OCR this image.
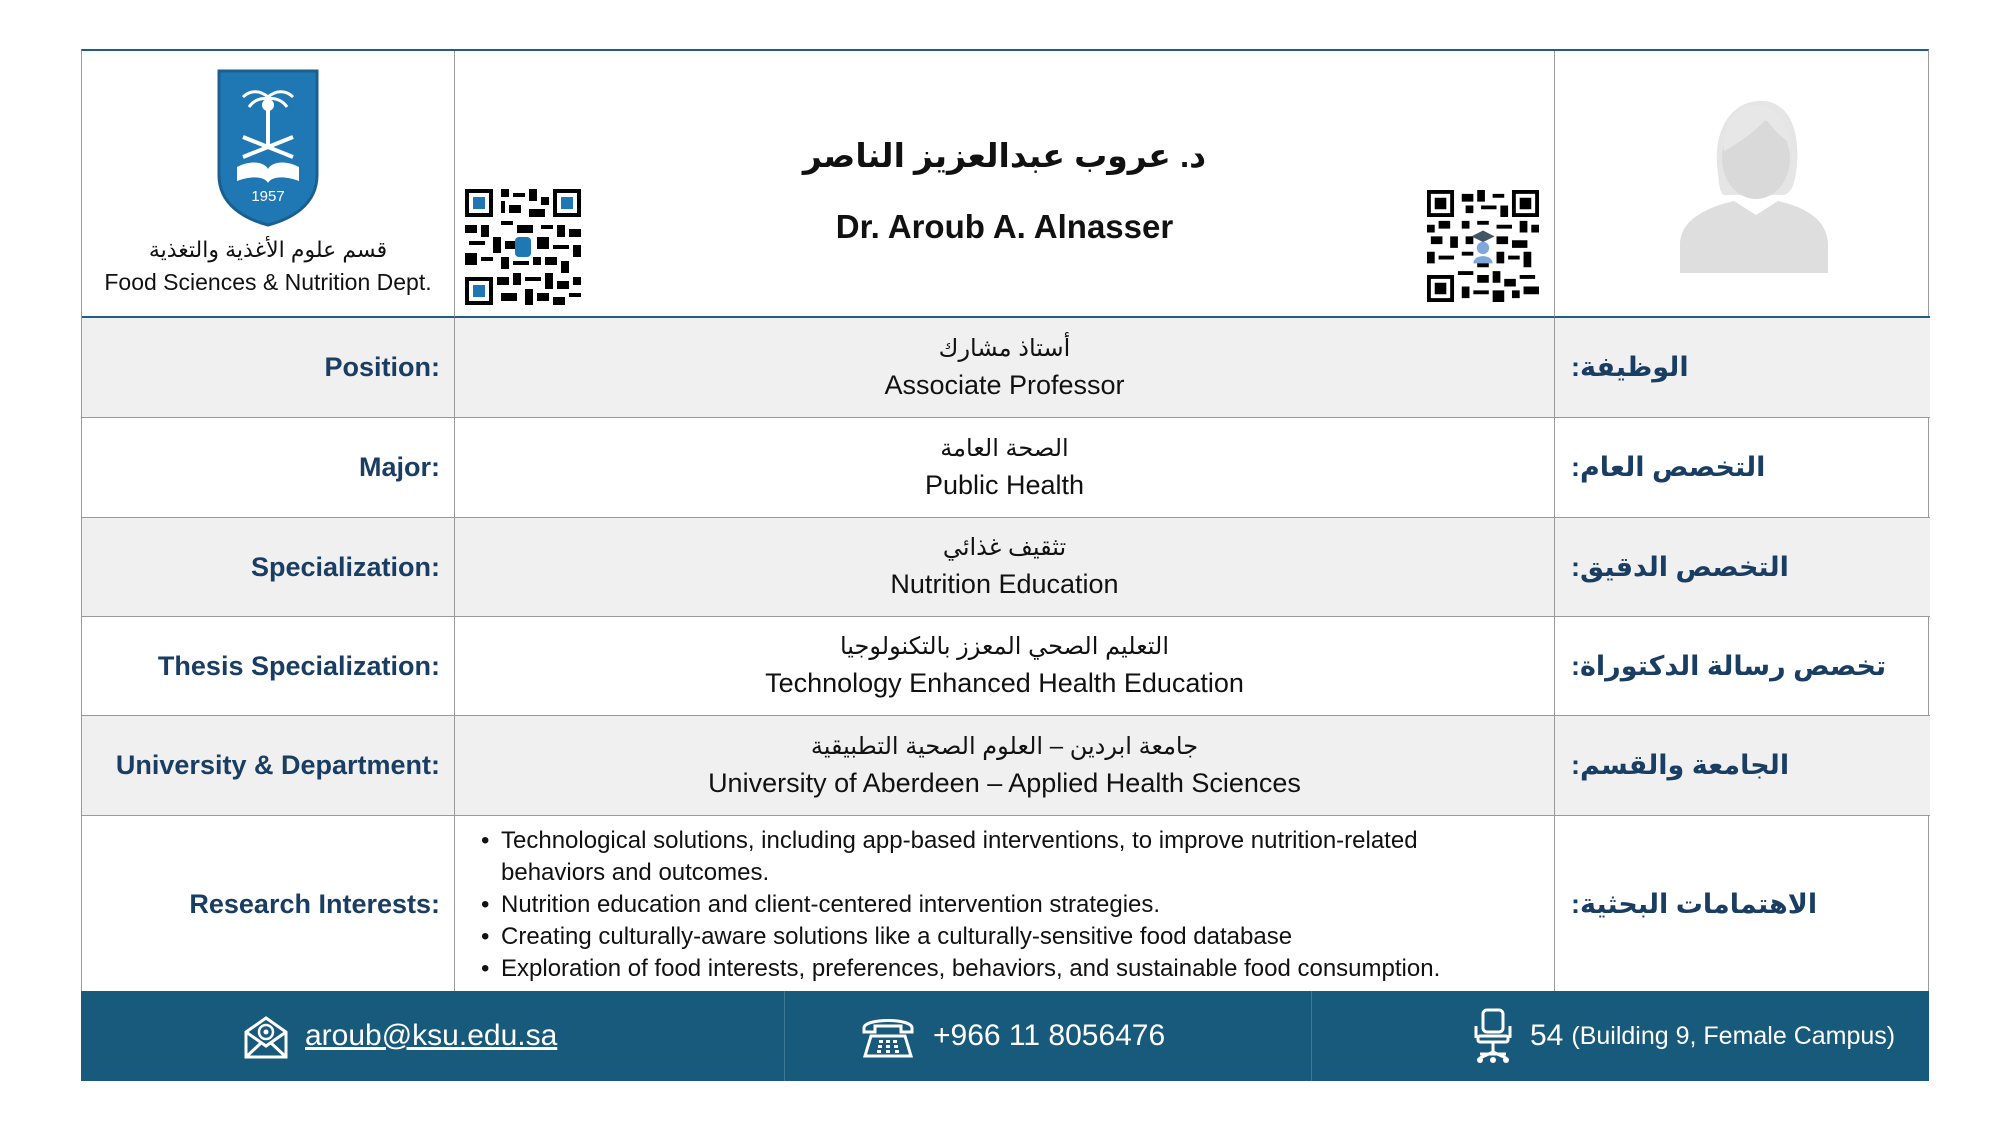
1957
قسم علوم الأغذية والتغذية
Food Sciences & Nutrition Dept.
د. عروب عبدالعزيز الناصر
Dr. Aroub A. Alnasser
Position:
أستاذ مشارك
Associate Professor
الوظيفة:
Major:
الصحة العامة
Public Health
التخصص العام:
Specialization:
تثقيف غذائي
Nutrition Education
التخصص الدقيق:
Thesis Specialization:
التعليم الصحي المعزز بالتكنولوجيا
Technology Enhanced Health Education
تخصص رسالة الدكتوراة:
University & Department:
جامعة ابردين – العلوم الصحية التطبيقية
University of Aberdeen – Applied Health Sciences
الجامعة والقسم:
Research Interests:
• Technological solutions, including app-based interventions, to improve nutrition-related
behaviors and outcomes.
• Nutrition education and client-centered intervention strategies.
• Creating culturally-aware solutions like a culturally-sensitive food database
• Exploration of food interests, preferences, behaviors, and sustainable food consumption.
الاهتمامات البحثية:
aroub@ksu.edu.sa	+966 11 8056476	54 (Building 9, Female Campus)
